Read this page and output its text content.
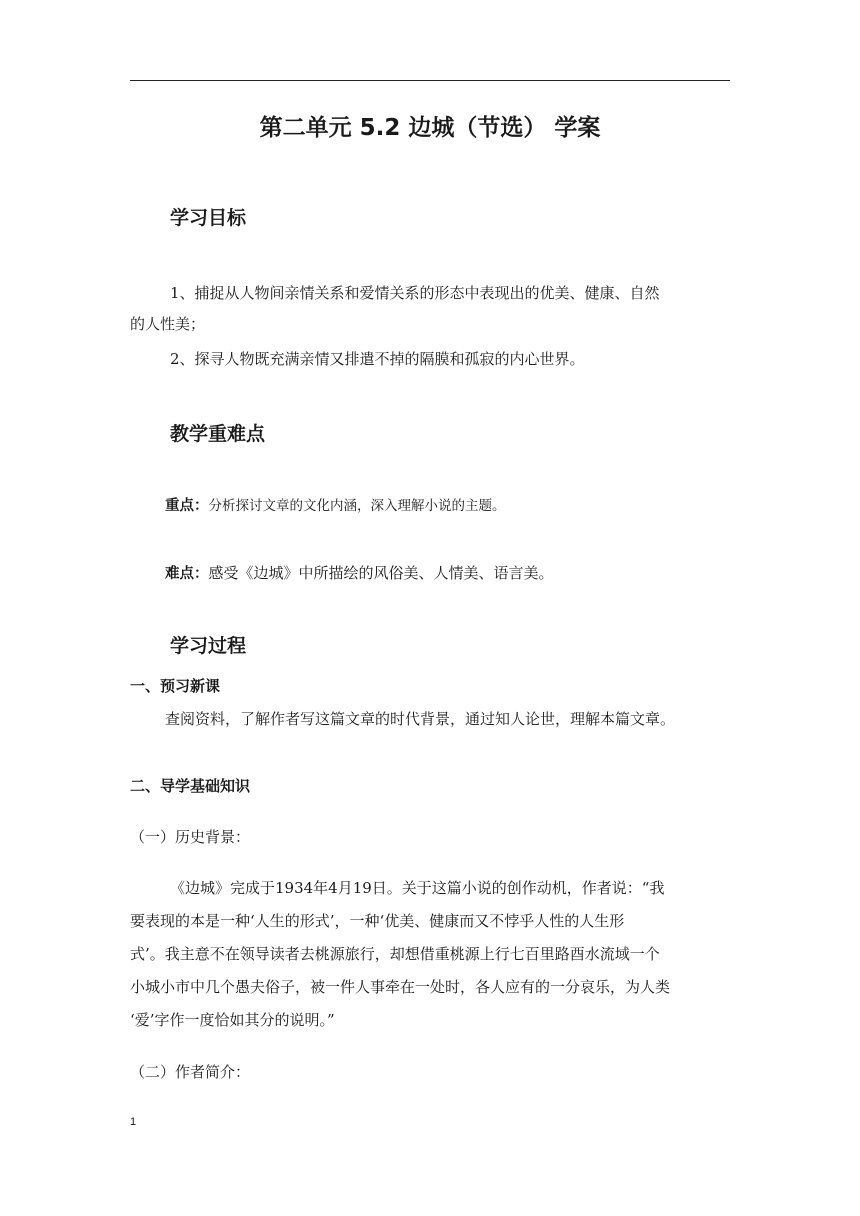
第二单元 5.2 边城（节选） 学案
学习目标
1、捕捉从人物间亲情关系和爱情关系的形态中表现出的优美、健康、自然
的人性美；
2、探寻人物既充满亲情又排遣不掉的隔膜和孤寂的内心世界。
教学重难点
重点：分析探讨文章的文化内涵，深入理解小说的主题。
难点：感受《边城》中所描绘的风俗美、人情美、语言美。
学习过程
一、预习新课
查阅资料，了解作者写这篇文章的时代背景，通过知人论世，理解本篇文章。
二、导学基础知识
（一）历史背景：
《边城》完成于1934年4月19日。关于这篇小说的创作动机，作者说：“我
要表现的本是一种‘人生的形式’，一种‘优美、健康而又不悖乎人性的人生形
式’。我主意不在领导读者去桃源旅行，却想借重桃源上行七百里路酉水流域一个
小城小市中几个愚夫俗子，被一件人事牵在一处时，各人应有的一分哀乐，为人类
‘爱’字作一度恰如其分的说明。”
（二）作者简介：
1
